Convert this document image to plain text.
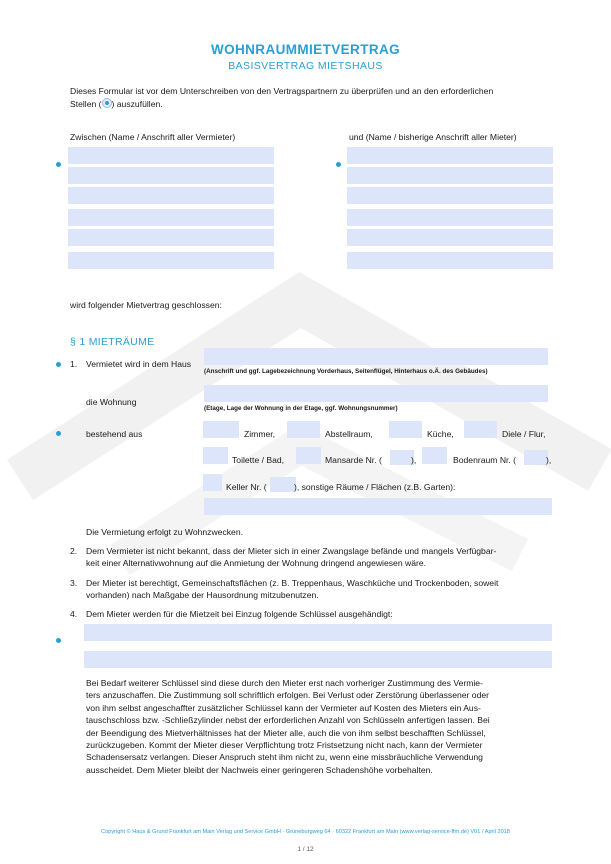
WOHNRAUMMIETVERTRAG
BASISVERTRAG MIETSHAUS
Dieses Formular ist vor dem Unterschreiben von den Vertragspartnern zu überprüfen und an den erforderlichen
Stellen ( ) auszufüllen.
Zwischen (Name / Anschrift aller Vermieter)	und (Name / bisherige Anschrift aller Mieter)
wird folgender Mietvertrag geschlossen:
§ 1 MIETRÄUME
1. Vermietet wird in dem Haus
(Anschrift und ggf. Lagebezeichnung Vorderhaus, Seitenflügel, Hinterhaus o.Ä. des Gebäudes)
die Wohnung
(Etage, Lage der Wohnung in der Etage, ggf. Wohnungsnummer)
bestehend aus	Zimmer,	Abstellraum,	Küche,	Diele / Flur,
Toilette / Bad,	Mansarde Nr. (	),	Bodenraum Nr. (	),
Keller Nr. (	), sonstige Räume / Flächen (z.B. Garten):
Die Vermietung erfolgt zu Wohnzwecken.
2. Dem Vermieter ist nicht bekannt, dass der Mieter sich in einer Zwangslage befände und mangels Verfügbar-
keit einer Alternativwohnung auf die Anmietung der Wohnung dringend angewiesen wäre.
3. Der Mieter ist berechtigt, Gemeinschaftsflächen (z. B. Treppenhaus, Waschküche und Trockenboden, soweit
vorhanden) nach Maßgabe der Hausordnung mitzubenutzen.
4. Dem Mieter werden für die Mietzeit bei Einzug folgende Schlüssel ausgehändigt:
Bei Bedarf weiterer Schlüssel sind diese durch den Mieter erst nach vorheriger Zustimmung des Vermie-
ters anzuschaffen. Die Zustimmung soll schriftlich erfolgen. Bei Verlust oder Zerstörung überlassener oder
von ihm selbst angeschaffter zusätzlicher Schlüssel kann der Vermieter auf Kosten des Mieters ein Aus-
tauschschloss bzw. -Schließzylinder nebst der erforderlichen Anzahl von Schlüsseln anfertigen lassen. Bei
der Beendigung des Mietverhältnisses hat der Mieter alle, auch die von ihm selbst beschafften Schlüssel,
zurückzugeben. Kommt der Mieter dieser Verpflichtung trotz Fristsetzung nicht nach, kann der Vermieter
Schadensersatz verlangen. Dieser Anspruch steht ihm nicht zu, wenn eine missbräuchliche Verwendung
ausscheidet. Dem Mieter bleibt der Nachweis einer geringeren Schadenshöhe vorbehalten.
Copyright © Haus & Grund Frankfurt am Main Verlag und Service GmbH · Grüneburgweg 64 · 60322 Frankfurt am Main (www.verlag-service-ffm.de) V01 / April 2018
1 / 12
